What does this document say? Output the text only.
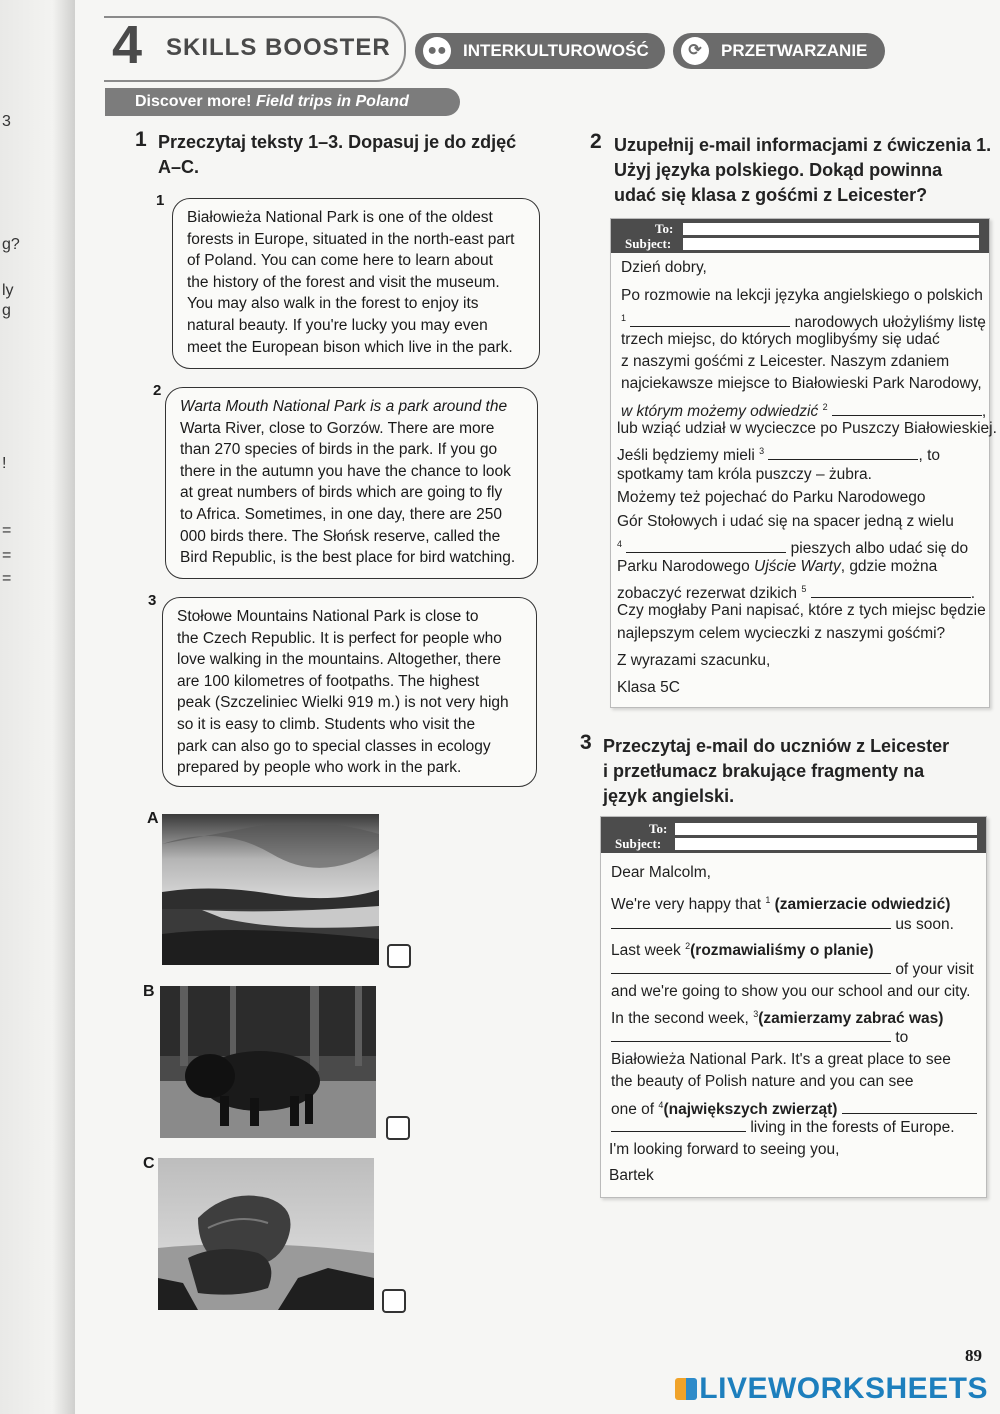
3
g?
ly
g
!
=
=
=
SKILLS BOOSTER
4	●● INTERKULTUROWOŚĆ	⟳	PRZETWARZANIE
Discover more! Field trips in Poland
1 Przeczytaj teksty 1–3. Dopasuj je do zdjęć A–C.
1
Białowieża National Park is one of the oldest
forests in Europe, situated in the north-east part
of Poland. You can come here to learn about
the history of the forest and visit the museum.
You may also walk in the forest to enjoy its
natural beauty. If you're lucky you may even
meet the European bison which live in the park.
2
Warta Mouth National Park is a park around the
Warta River, close to Gorzów. There are more
than 270 species of birds in the park. If you go
there in the autumn you have the chance to look
at great numbers of birds which are going to fly
to Africa. Sometimes, in one day, there are 250
000 birds there. The Słońsk reserve, called the
Bird Republic, is the best place for bird watching.
3
Stołowe Mountains National Park is close to
the Czech Republic. It is perfect for people who
love walking in the mountains. Altogether, there
are 100 kilometres of footpaths. The highest
peak (Szczeliniec Wielki 919 m.) is not very high
so it is easy to climb. Students who visit the
park can also go to special classes in ecology
prepared by people who work in the park.
A
B
C
2 Uzupełnij e-mail informacjami z ćwiczenia 1.
Użyj języka polskiego. Dokąd powinna
udać się klasa z gośćmi z Leicester?
To:
Subject:
Dzień dobry,
Po rozmowie na lekcji języka angielskiego o polskich
$^1$	narodowych ułożyliśmy listę
trzech miejsc, do których moglibyśmy się udać
z naszymi gośćmi z Leicester. Naszym zdaniem
najciekawsze miejsce to Białowieski Park Narodowy,
w którym możemy odwiedzić $^2$	,
lub wziąć udział w wycieczce po Puszczy Białowieskiej.
Jeśli będziemy mieli $^3$	, to
spotkamy tam króla puszczy – żubra.
Możemy też pojechać do Parku Narodowego
Gór Stołowych i udać się na spacer jedną z wielu
$^4$	pieszych albo udać się do
Parku Narodowego Ujście Warty, gdzie można
zobaczyć rezerwat dzikich $^5$	.
Czy mogłaby Pani napisać, które z tych miejsc będzie
najlepszym celem wycieczki z naszymi gośćmi?
Z wyrazami szacunku,
Klasa 5C
3 Przeczytaj e-mail do uczniów z Leicester
i przetłumacz brakujące fragmenty na
język angielski.
To:
Subject:
Dear Malcolm,
We're very happy that $^1$ (zamierzacie odwiedzić)
us soon.
Last week $^2$(rozmawialiśmy o planie)
of your visit
and we're going to show you our school and our city.
In the second week, $^3$(zamierzamy zabrać was)
to
Białowieża National Park. It's a great place to see
the beauty of Polish nature and you can see
one of $^4$(największych zwierząt)
living in the forests of Europe.
I'm looking forward to seeing you,
Bartek
89
LIVEWORKSHEETS
